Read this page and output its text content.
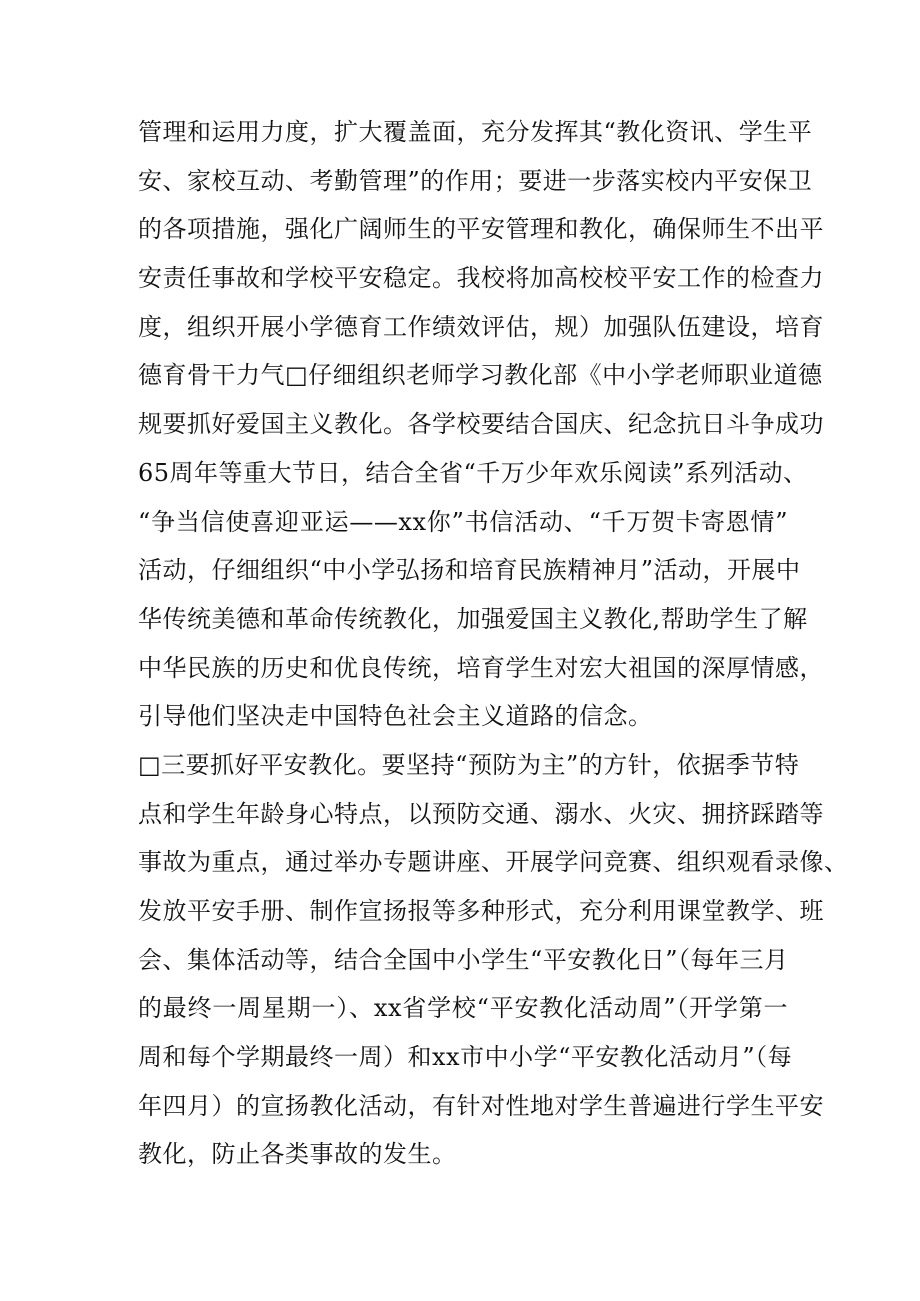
管理和运用力度，扩大覆盖面，充分发挥其“教化资讯、学生平
安、家校互动、考勤管理”的作用；要进一步落实校内平安保卫
的各项措施，强化广阔师生的平安管理和教化，确保师生不出平
安责任事故和学校平安稳定。我校将加高校校平安工作的检查力
度，组织开展小学德育工作绩效评估，规）加强队伍建设，培育
德育骨干力气□仔细组织老师学习教化部《中小学老师职业道德
规要抓好爱国主义教化。各学校要结合国庆、纪念抗日斗争成功
65周年等重大节日，结合全省“千万少年欢乐阅读”系列活动、
“争当信使喜迎亚运——xx你”书信活动、“千万贺卡寄恩情”
活动，仔细组织“中小学弘扬和培育民族精神月”活动，开展中
华传统美德和革命传统教化，加强爱国主义教化,帮助学生了解
中华民族的历史和优良传统，培育学生对宏大祖国的深厚情感，
引导他们坚决走中国特色社会主义道路的信念。
□三要抓好平安教化。要坚持“预防为主”的方针，依据季节特
点和学生年龄身心特点，以预防交通、溺水、火灾、拥挤踩踏等
事故为重点，通过举办专题讲座、开展学问竞赛、组织观看录像、
发放平安手册、制作宣扬报等多种形式，充分利用课堂教学、班
会、集体活动等，结合全国中小学生“平安教化日”（每年三月
的最终一周星期一）、xx省学校“平安教化活动周”（开学第一
周和每个学期最终一周）和xx市中小学“平安教化活动月”（每
年四月）的宣扬教化活动，有针对性地对学生普遍进行学生平安
教化，防止各类事故的发生。
